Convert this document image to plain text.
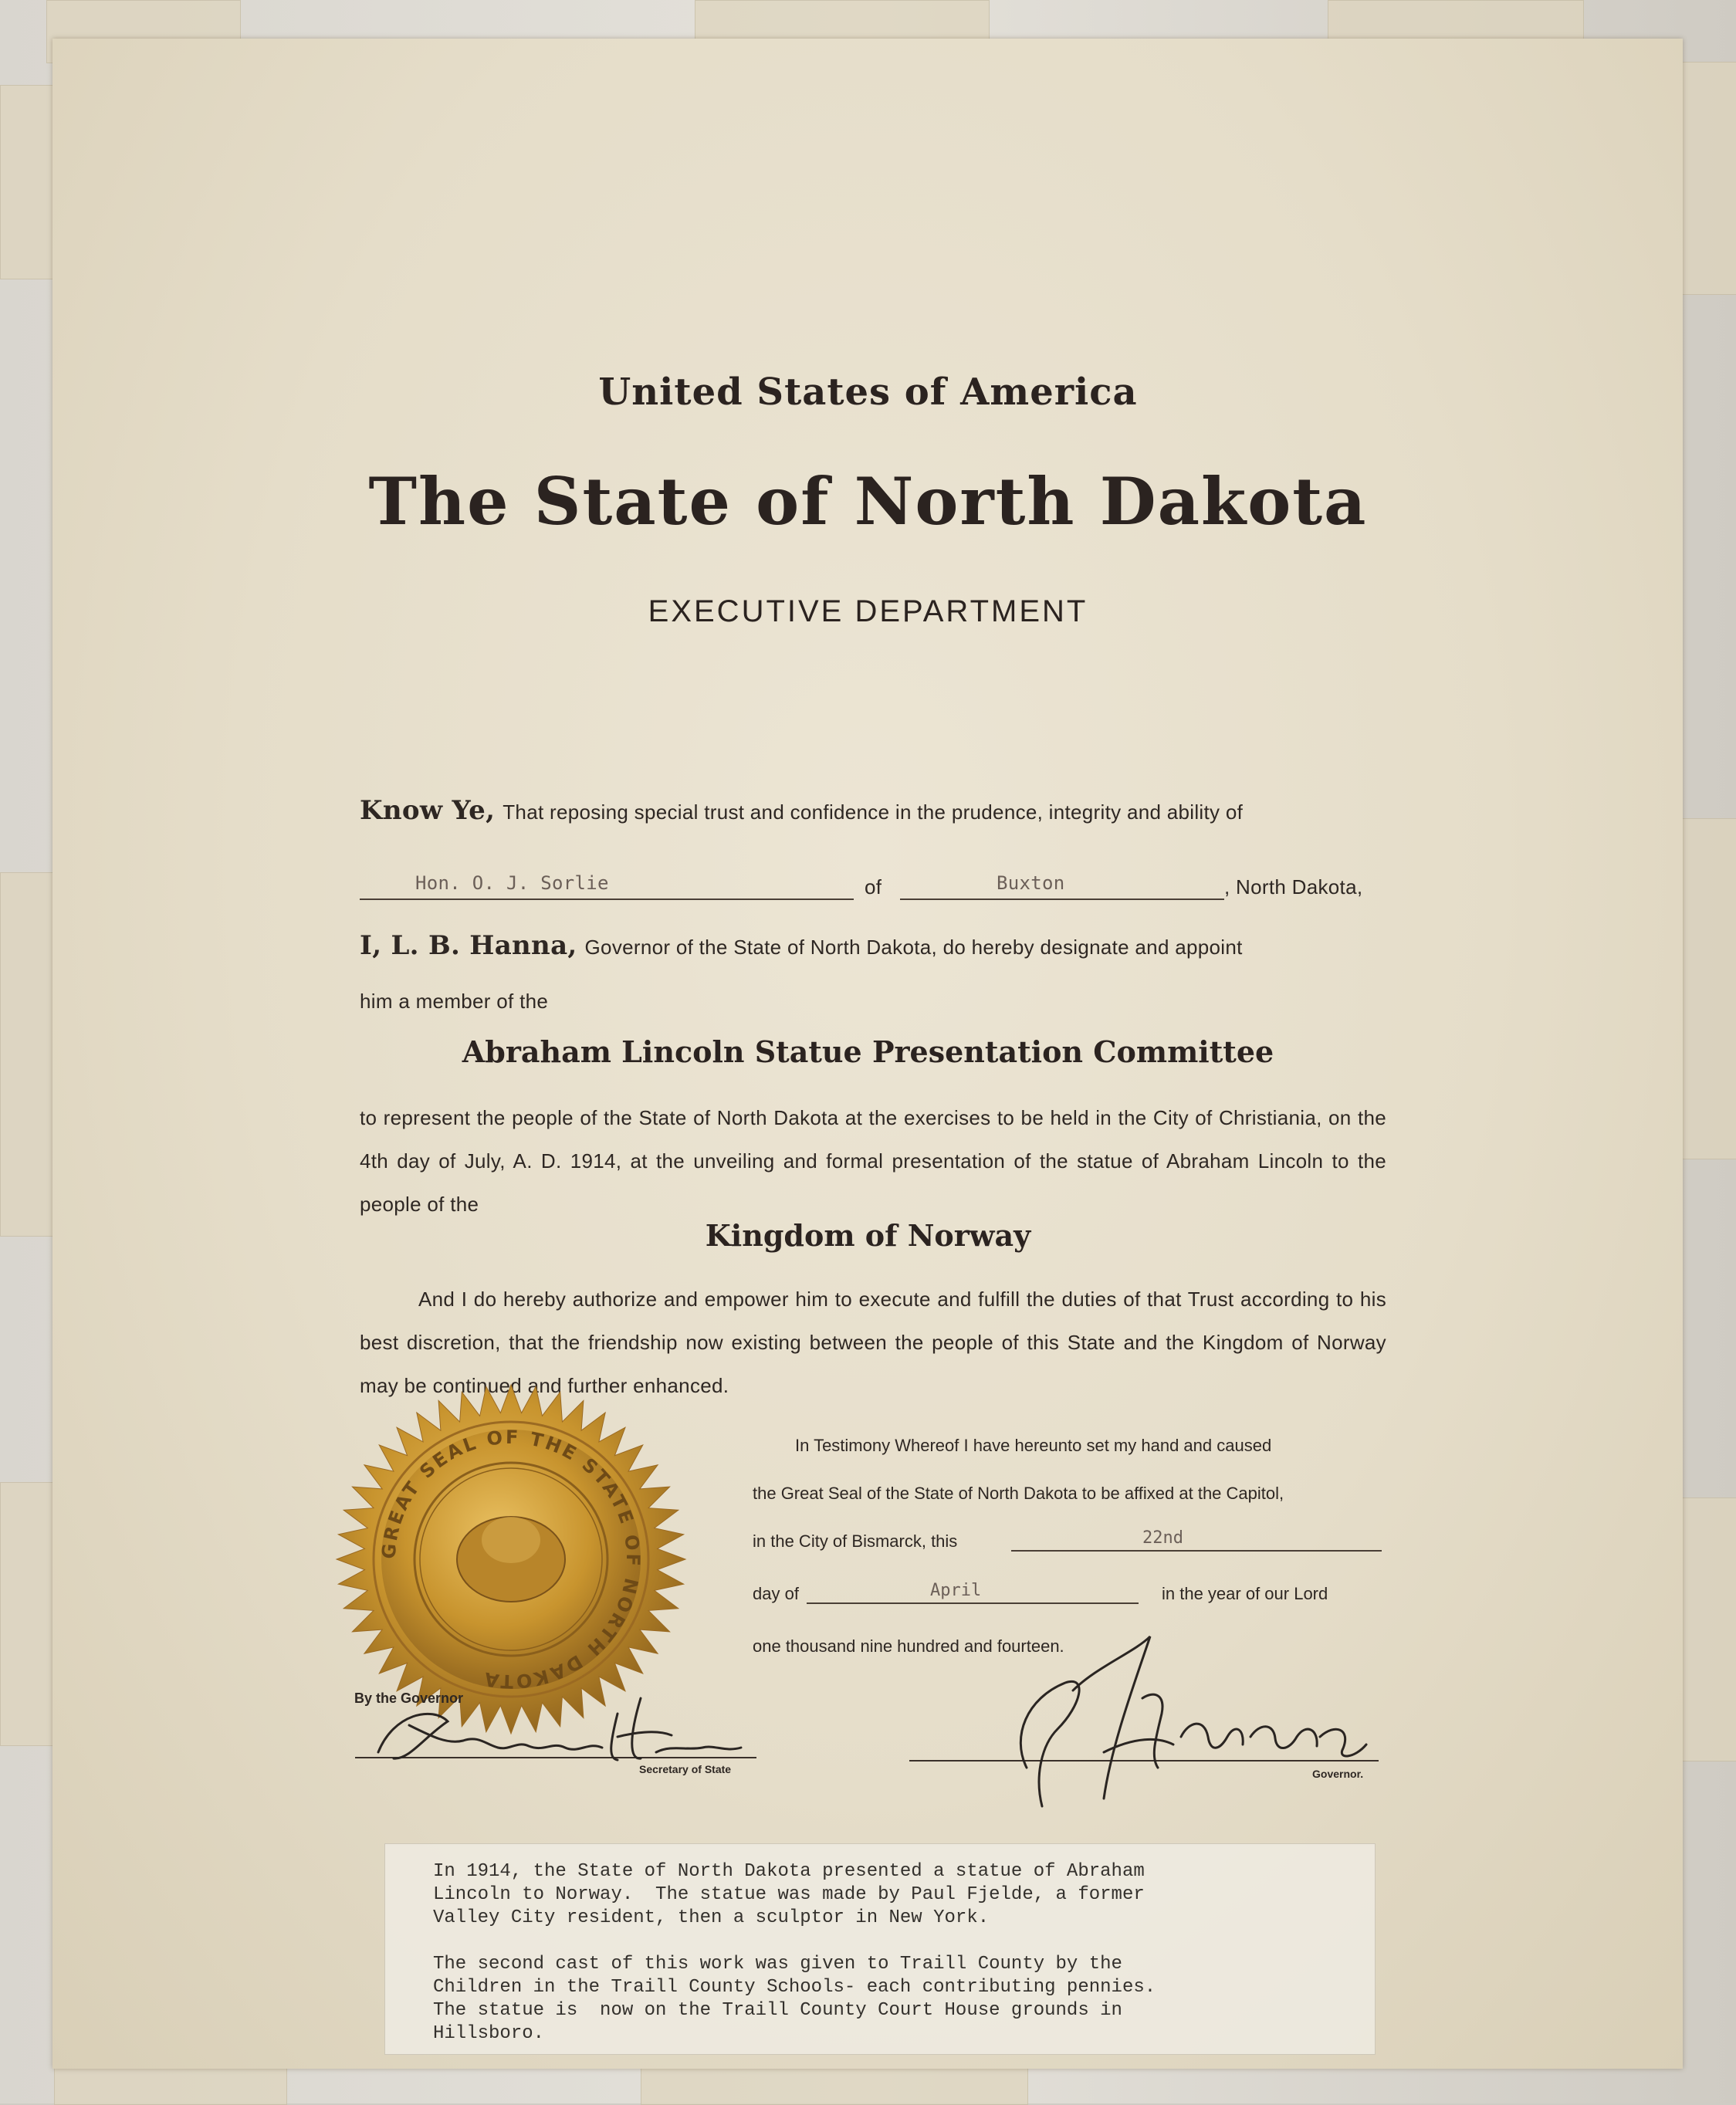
United States of America
The State of North Dakota
EXECUTIVE DEPARTMENT
Know Ye, That reposing special trust and confidence in the prudence, integrity and ability of
Hon. O. J. Sorlie	of	Buxton	, North Dakota,
I, L. B. Hanna, Governor of the State of North Dakota, do hereby designate and appoint
him a member of the
Abraham Lincoln Statue Presentation Committee
to represent the people of the State of North Dakota at the exercises to be held in the City of Christiania, on the 4th day of July, A. D. 1914, at the unveiling and formal presentation of the statue of Abraham Lincoln to the people of the
Kingdom of Norway
And I do hereby authorize and empower him to execute and fulfill the duties of that Trust according to his best discretion, that the friendship now existing between the people of this State and the Kingdom of Norway may be continued and further enhanced.
GREAT SEAL OF THE STATE OF NORTH DAKOTA
In Testimony Whereof I have hereunto set my hand and caused
the Great Seal of the State of North Dakota to be affixed at the Capitol,
in the City of Bismarck, this	22nd
day of	April	in the year of our Lord
one thousand nine hundred and fourteen.
By the Governor
Secretary of State	Governor.
In 1914, the State of North Dakota presented a statue of Abraham
Lincoln to Norway.  The statue was made by Paul Fjelde, a former
Valley City resident, then a sculptor in New York.
The second cast of this work was given to Traill County by the
Children in the Traill County Schools- each contributing pennies.
The statue is  now on the Traill County Court House grounds in
Hillsboro.
